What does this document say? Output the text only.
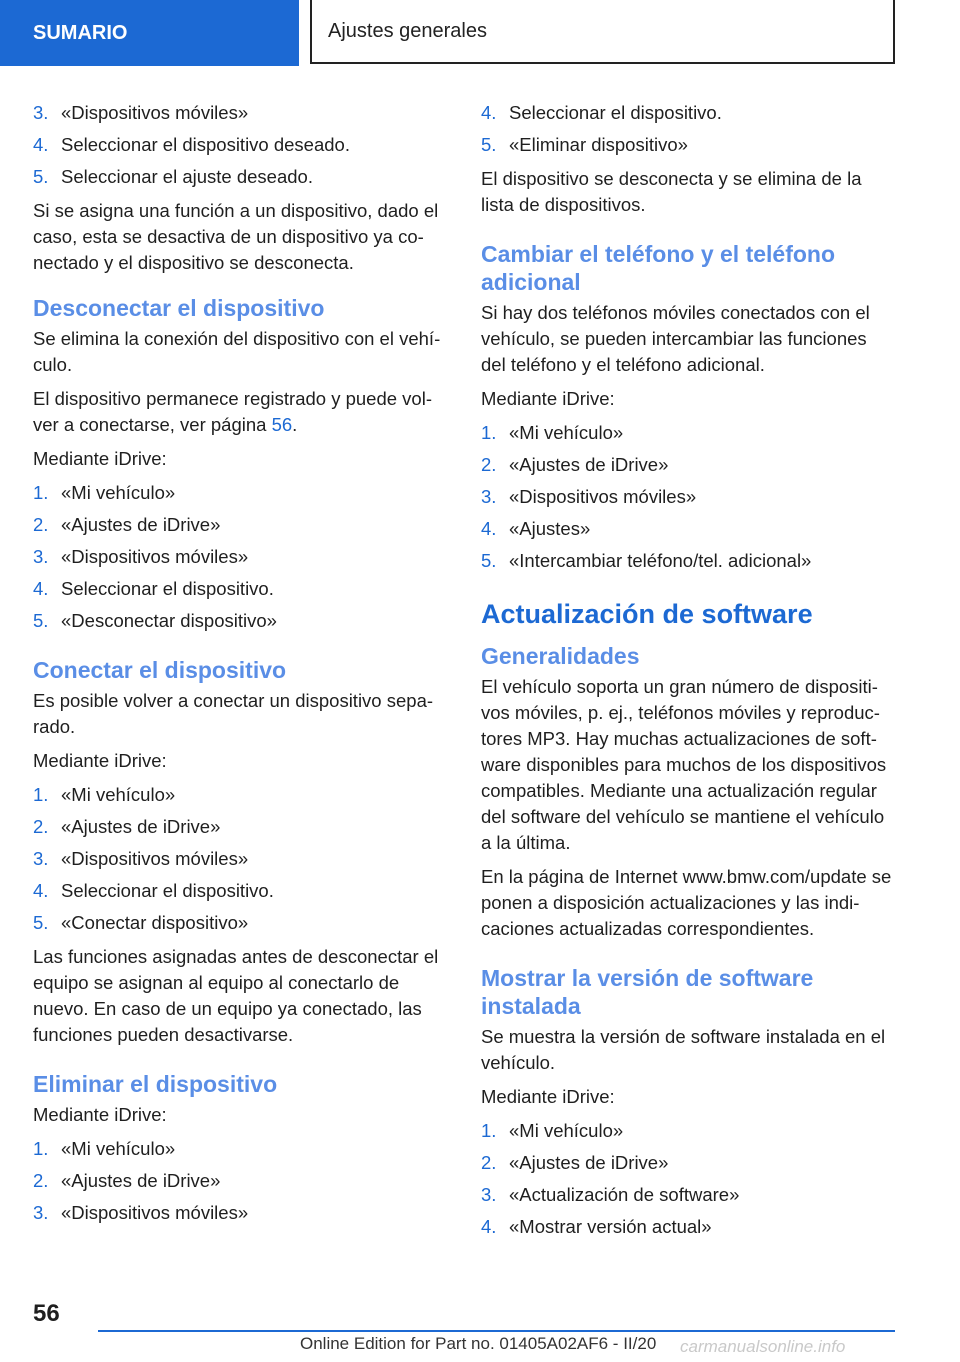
SUMARIO	Ajustes generales
3. «Dispositivos móviles»
4. Seleccionar el dispositivo deseado.
5. Seleccionar el ajuste deseado.

Si se asigna una función a un dispositivo, dado el caso, esta se desactiva de un dispositivo ya conectado y el dispositivo se desconecta.

Desconectar el dispositivo

Se elimina la conexión del dispositivo con el vehículo.

El dispositivo permanece registrado y puede volver a conectarse, ver página 56.

Mediante iDrive:

1. «Mi vehículo»
2. «Ajustes de iDrive»
3. «Dispositivos móviles»
4. Seleccionar el dispositivo.
5. «Desconectar dispositivo»
Conectar el dispositivo

Es posible volver a conectar un dispositivo separado.

Mediante iDrive:

1. «Mi vehículo»
2. «Ajustes de iDrive»
3. «Dispositivos móviles»
4. Seleccionar el dispositivo.
5. «Conectar dispositivo»

Las funciones asignadas antes de desconectar el equipo se asignan al equipo al conectarlo de nuevo. En caso de un equipo ya conectado, las funciones pueden desactivarse.

Eliminar el dispositivo

Mediante iDrive:

1. «Mi vehículo»
2. «Ajustes de iDrive»
3. «Dispositivos móviles»
4. Seleccionar el dispositivo.
5. «Eliminar dispositivo»

El dispositivo se desconecta y se elimina de la lista de dispositivos.

Cambiar el teléfono y el teléfono adicional

Si hay dos teléfonos móviles conectados con el vehículo, se pueden intercambiar las funciones del teléfono y el teléfono adicional.

Mediante iDrive:

1. «Mi vehículo»
2. «Ajustes de iDrive»
3. «Dispositivos móviles»
4. «Ajustes»
5. «Intercambiar teléfono/tel. adicional»
Actualización de software
Generalidades

El vehículo soporta un gran número de dispositivos móviles, p. ej., teléfonos móviles y reproductores MP3. Hay muchas actualizaciones de software disponibles para muchos de los dispositivos compatibles. Mediante una actualización regular del software del vehículo se mantiene el vehículo a la última.

En la página de Internet www.bmw.com/update se ponen a disposición actualizaciones y las indicaciones actualizadas correspondientes.

Mostrar la versión de software instalada

Se muestra la versión de software instalada en el vehículo.

Mediante iDrive:

1. «Mi vehículo»
2. «Ajustes de iDrive»
3. «Actualización de software»
4. «Mostrar versión actual»
56
Online Edition for Part no. 01405A02AF6 - II/20 carmanualsonline.info
